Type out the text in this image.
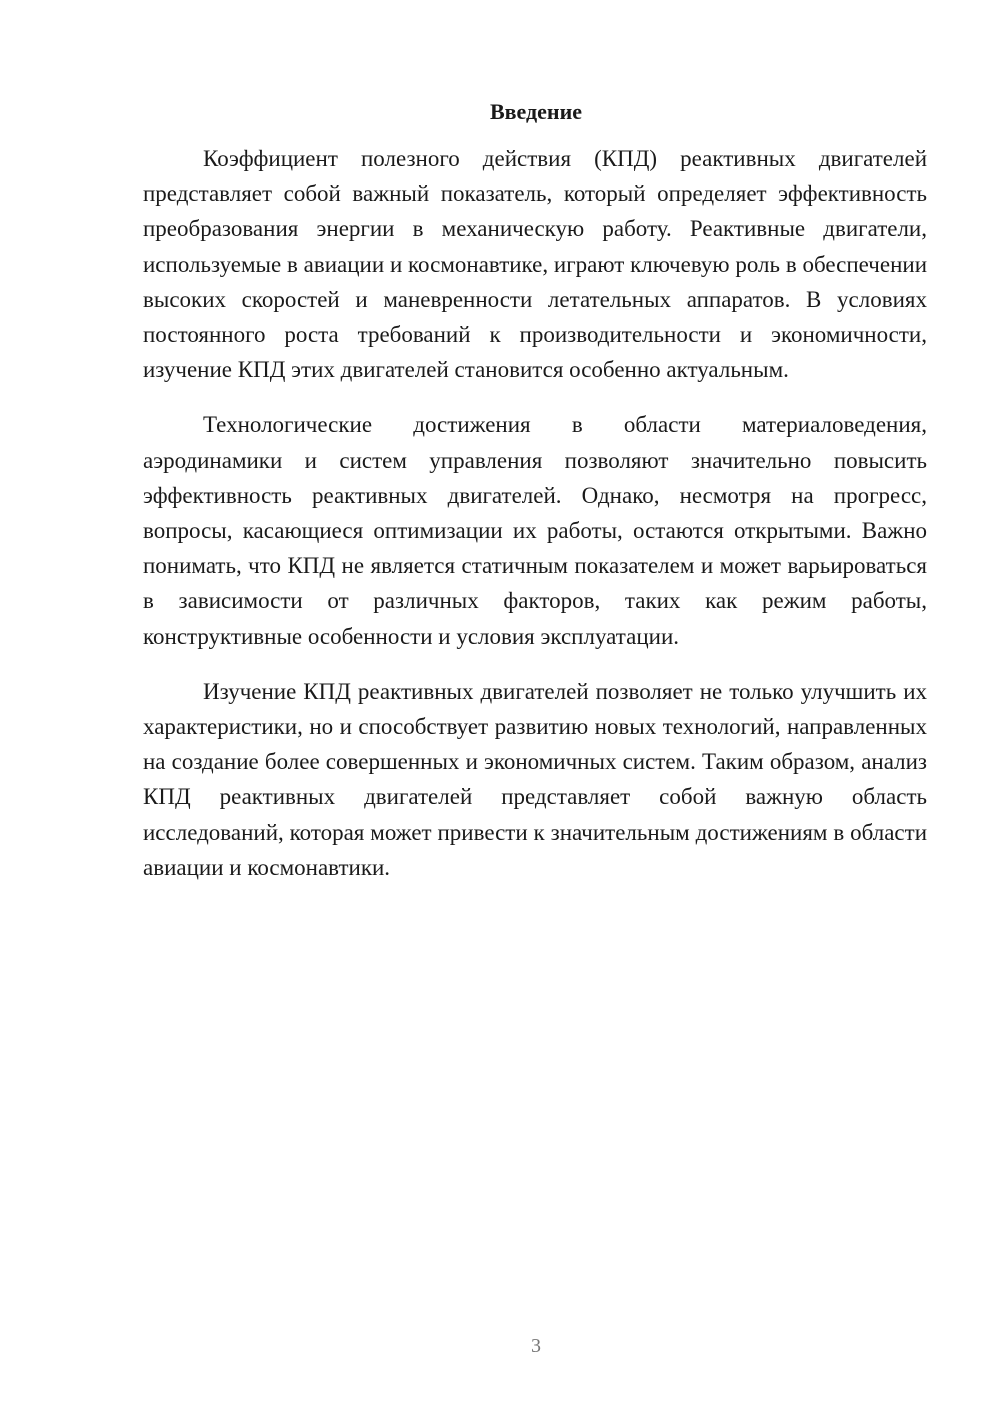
Введение

Коэффициент полезного действия (КПД) реактивных двигателей представляет собой важный показатель, который определяет эффективность преобразования энергии в механическую работу. Реактивные двигатели, используемые в авиации и космонавтике, играют ключевую роль в обеспечении высоких скоростей и маневренности летательных аппаратов. В условиях постоянного роста требований к производительности и экономичности, изучение КПД этих двигателей становится особенно актуальным.

Технологические достижения в области материаловедения, аэродинамики и систем управления позволяют значительно повысить эффективность реактивных двигателей. Однако, несмотря на прогресс, вопросы, касающиеся оптимизации их работы, остаются открытыми. Важно понимать, что КПД не является статичным показателем и может варьироваться в зависимости от различных факторов, таких как режим работы, конструктивные особенности и условия эксплуатации.

Изучение КПД реактивных двигателей позволяет не только улучшить их характеристики, но и способствует развитию новых технологий, направленных на создание более совершенных и экономичных систем. Таким образом, анализ КПД реактивных двигателей представляет собой важную область исследований, которая может привести к значительным достижениям в области авиации и космонавтики.

3
